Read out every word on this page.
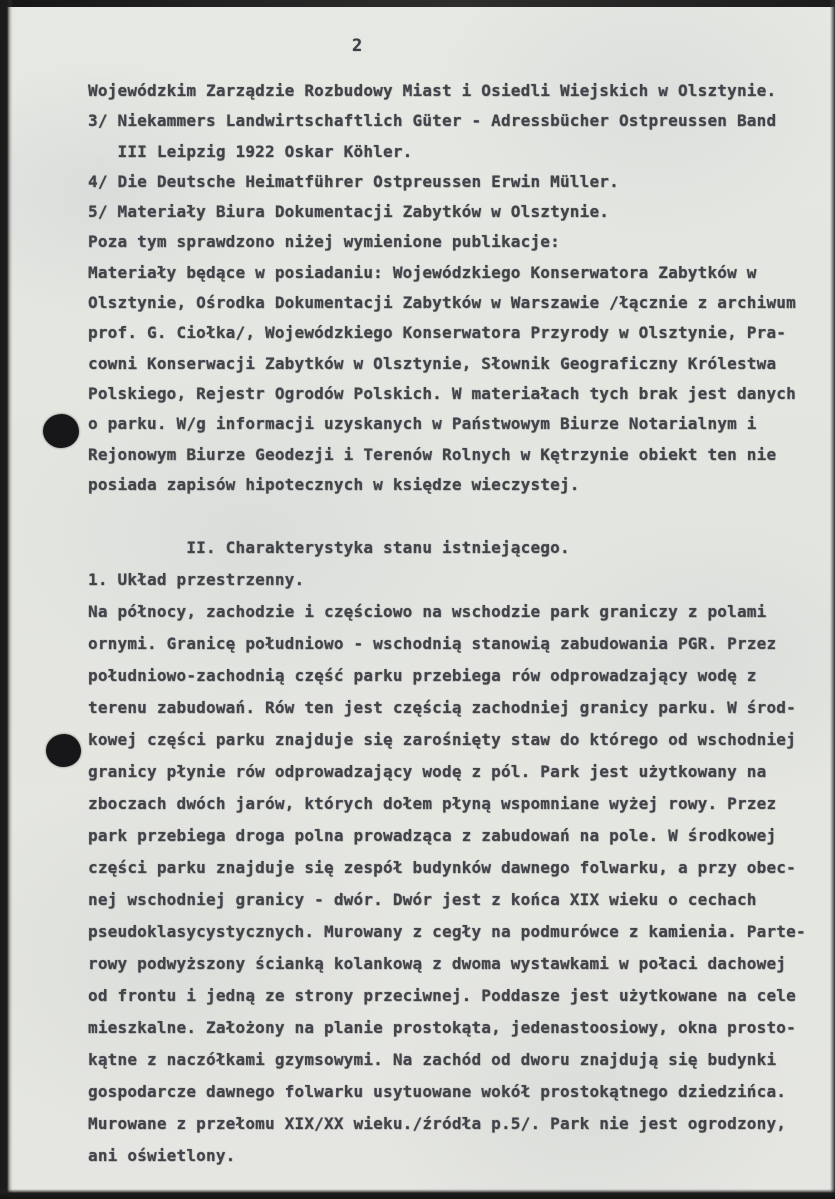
2
Wojewódzkim Zarządzie Rozbudowy Miast i Osiedli Wiejskich w Olsztynie.
3/ Niekammers Landwirtschaftlich Güter - Adressbücher Ostpreussen Band
III Leipzig 1922 Oskar Köhler.
4/ Die Deutsche Heimatführer Ostpreussen Erwin Müller.
5/ Materiały Biura Dokumentacji Zabytków w Olsztynie.
Poza tym sprawdzono niżej wymienione publikacje:
Materiały będące w posiadaniu: Wojewódzkiego Konserwatora Zabytków w
Olsztynie, Ośrodka Dokumentacji Zabytków w Warszawie /łącznie z archiwum
prof. G. Ciołka/, Wojewódzkiego Konserwatora Przyrody w Olsztynie, Pra-
cowni Konserwacji Zabytków w Olsztynie, Słownik Geograficzny Królestwa
Polskiego, Rejestr Ogrodów Polskich. W materiałach tych brak jest danych
o parku. W/g informacji uzyskanych w Państwowym Biurze Notarialnym i
Rejonowym Biurze Geodezji i Terenów Rolnych w Kętrzynie obiekt ten nie
posiada zapisów hipotecznych w księdze wieczystej.
II. Charakterystyka stanu istniejącego.
1. Układ przestrzenny.
Na północy, zachodzie i częściowo na wschodzie park graniczy z polami
ornymi. Granicę południowo - wschodnią stanowią zabudowania PGR. Przez
południowo-zachodnią część parku przebiega rów odprowadzający wodę z
terenu zabudowań. Rów ten jest częścią zachodniej granicy parku. W środ-
kowej części parku znajduje się zarośnięty staw do którego od wschodniej
granicy płynie rów odprowadzający wodę z pól. Park jest użytkowany na
zboczach dwóch jarów, których dołem płyną wspomniane wyżej rowy. Przez
park przebiega droga polna prowadząca z zabudowań na pole. W środkowej
części parku znajduje się zespół budynków dawnego folwarku, a przy obec-
nej wschodniej granicy - dwór. Dwór jest z końca XIX wieku o cechach
pseudoklasycystycznych. Murowany z cegły na podmurówce z kamienia. Parte-
rowy podwyższony ścianką kolankową z dwoma wystawkami w połaci dachowej
od frontu i jedną ze strony przeciwnej. Poddasze jest użytkowane na cele
mieszkalne. Założony na planie prostokąta, jedenastoosiowy, okna prosto-
kątne z naczółkami gzymsowymi. Na zachód od dworu znajdują się budynki
gospodarcze dawnego folwarku usytuowane wokół prostokątnego dziedzińca.
Murowane z przełomu XIX/XX wieku./źródła p.5/. Park nie jest ogrodzony,
ani oświetlony.
